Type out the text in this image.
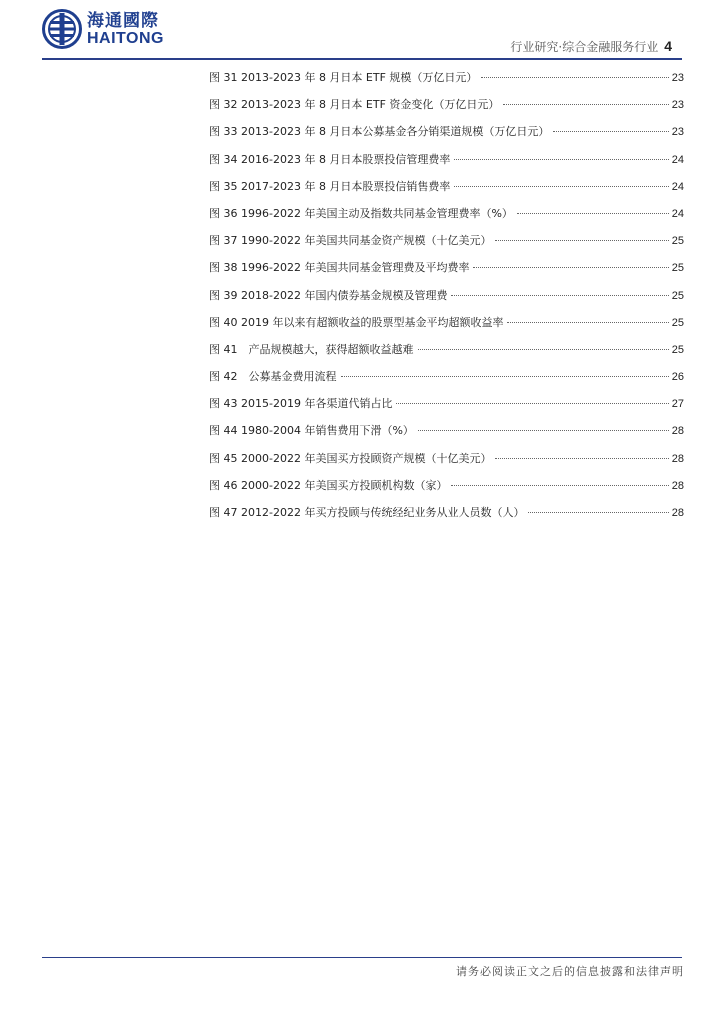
海通國際
HAITONG	行业研究·综合金融服务行业 4
图 31 2013-2023 年 8 月日本 ETF 规模（万亿日元）	23
图 32 2013-2023 年 8 月日本 ETF 资金变化（万亿日元）	23
图 33 2013-2023 年 8 月日本公募基金各分销渠道规模（万亿日元）	23
图 34 2016-2023 年 8 月日本股票投信管理费率	24
图 35 2017-2023 年 8 月日本股票投信销售费率	24
图 36 1996-2022 年美国主动及指数共同基金管理费率（%）	24
图 37 1990-2022 年美国共同基金资产规模（十亿美元）	25
图 38 1996-2022 年美国共同基金管理费及平均费率	25
图 39 2018-2022 年国内债券基金规模及管理费	25
图 40 2019 年以来有超额收益的股票型基金平均超额收益率	25
图 41　产品规模越大，获得超额收益越难	25
图 42　公募基金费用流程	26
图 43 2015-2019 年各渠道代销占比	27
图 44 1980-2004 年销售费用下滑（%）	28
图 45 2000-2022 年美国买方投顾资产规模（十亿美元）	28
图 46 2000-2022 年美国买方投顾机构数（家）	28
图 47 2012-2022 年买方投顾与传统经纪业务从业人员数（人）	28
请务必阅读正文之后的信息披露和法律声明
